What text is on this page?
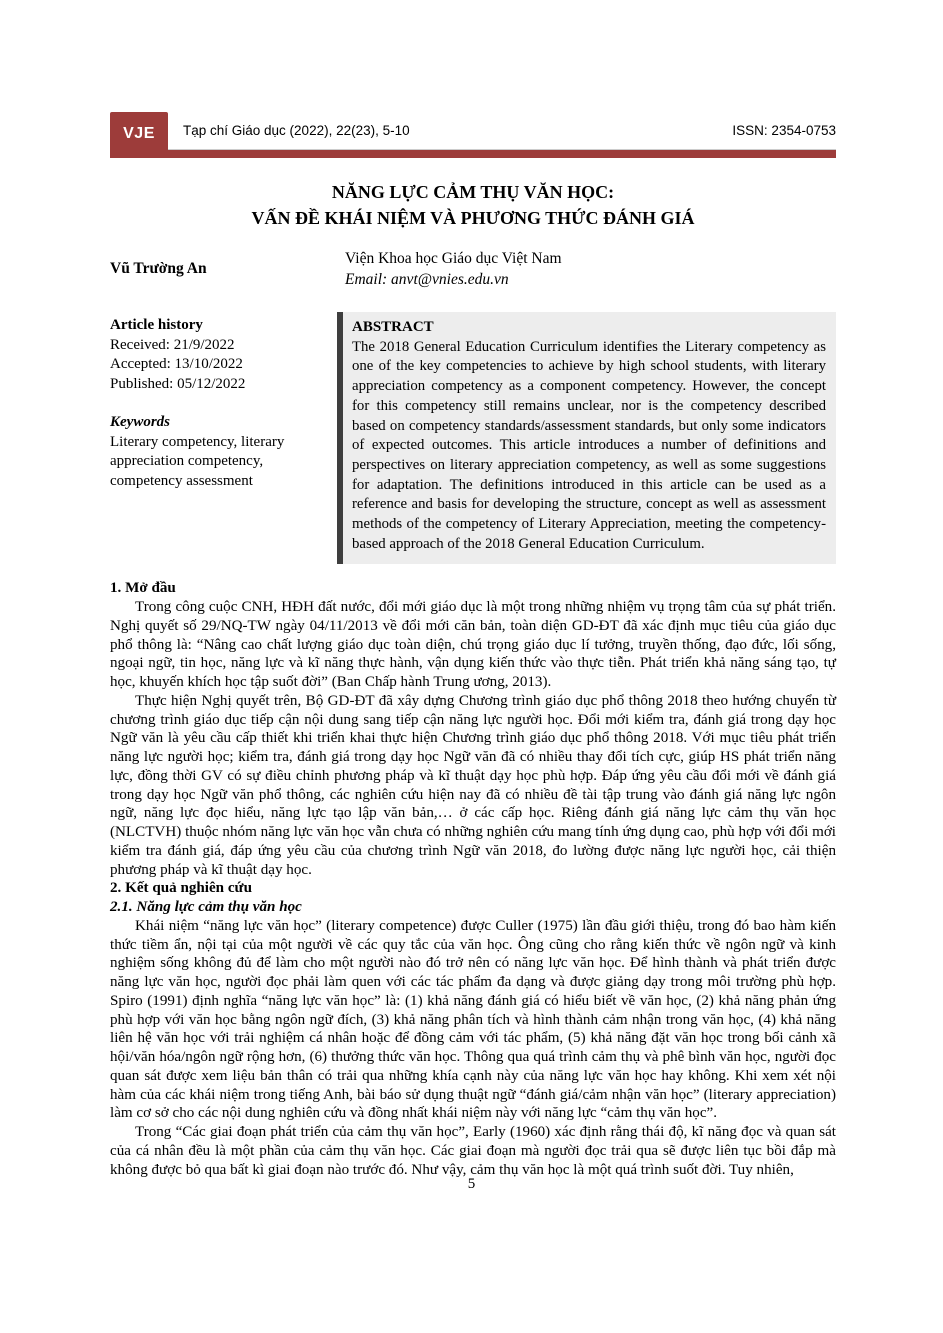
VJE	Tạp chí Giáo dục (2022), 22(23), 5-10	ISSN: 2354-0753
NĂNG LỰC CẢM THỤ VĂN HỌC:
VẤN ĐỀ KHÁI NIỆM VÀ PHƯƠNG THỨC ĐÁNH GIÁ
Vũ Trường An
Viện Khoa học Giáo dục Việt Nam
Email: anvt@vnies.edu.vn
Article history
Received: 21/9/2022
Accepted: 13/10/2022
Published: 05/12/2022
Keywords
Literary competency, literary appreciation competency, competency assessment
ABSTRACT
The 2018 General Education Curriculum identifies the Literary competency as one of the key competencies to achieve by high school students, with literary appreciation competency as a component competency. However, the concept for this competency still remains unclear, nor is the competency described based on competency standards/assessment standards, but only some indicators of expected outcomes. This article introduces a number of definitions and perspectives on literary appreciation competency, as well as some suggestions for adaptation. The definitions introduced in this article can be used as a reference and basis for developing the structure, concept as well as assessment methods of the competency of Literary Appreciation, meeting the competency-based approach of the 2018 General Education Curriculum.
1. Mở đầu

Trong công cuộc CNH, HĐH đất nước, đổi mới giáo dục là một trong những nhiệm vụ trọng tâm của sự phát triển. Nghị quyết số 29/NQ-TW ngày 04/11/2013 về đổi mới căn bản, toàn diện GD-ĐT đã xác định mục tiêu của giáo dục phổ thông là: “Nâng cao chất lượng giáo dục toàn diện, chú trọng giáo dục lí tưởng, truyền thống, đạo đức, lối sống, ngoại ngữ, tin học, năng lực và kĩ năng thực hành, vận dụng kiến thức vào thực tiễn. Phát triển khả năng sáng tạo, tự học, khuyến khích học tập suốt đời” (Ban Chấp hành Trung ương, 2013).

Thực hiện Nghị quyết trên, Bộ GD-ĐT đã xây dựng Chương trình giáo dục phổ thông 2018 theo hướng chuyển từ chương trình giáo dục tiếp cận nội dung sang tiếp cận năng lực người học. Đổi mới kiểm tra, đánh giá trong dạy học Ngữ văn là yêu cầu cấp thiết khi triển khai thực hiện Chương trình giáo dục phổ thông 2018. Với mục tiêu phát triển năng lực người học; kiểm tra, đánh giá trong dạy học Ngữ văn đã có nhiều thay đổi tích cực, giúp HS phát triển năng lực, đồng thời GV có sự điều chỉnh phương pháp và kĩ thuật dạy học phù hợp. Đáp ứng yêu cầu đổi mới về đánh giá trong dạy học Ngữ văn phổ thông, các nghiên cứu hiện nay đã có nhiều đề tài tập trung vào đánh giá năng lực ngôn ngữ, năng lực đọc hiểu, năng lực tạo lập văn bản,… ở các cấp học. Riêng đánh giá năng lực cảm thụ văn học (NLCTVH) thuộc nhóm năng lực văn học vẫn chưa có những nghiên cứu mang tính ứng dụng cao, phù hợp với đổi mới kiểm tra đánh giá, đáp ứng yêu cầu của chương trình Ngữ văn 2018, đo lường được năng lực người học, cải thiện phương pháp và kĩ thuật dạy học.

2. Kết quả nghiên cứu
2.1. Năng lực cảm thụ văn học

Khái niệm “năng lực văn học” (literary competence) được Culler (1975) lần đầu giới thiệu, trong đó bao hàm kiến thức tiềm ẩn, nội tại của một người về các quy tắc của văn học. Ông cũng cho rằng kiến thức về ngôn ngữ và kinh nghiệm sống không đủ để làm cho một người nào đó trở nên có năng lực văn học. Để hình thành và phát triển được năng lực văn học, người đọc phải làm quen với các tác phẩm đa dạng và được giảng dạy trong môi trường phù hợp. Spiro (1991) định nghĩa “năng lực văn học” là: (1) khả năng đánh giá có hiểu biết về văn học, (2) khả năng phản ứng phù hợp với văn học bằng ngôn ngữ đích, (3) khả năng phân tích và hình thành cảm nhận trong văn học, (4) khả năng liên hệ văn học với trải nghiệm cá nhân hoặc để đồng cảm với tác phẩm, (5) khả năng đặt văn học trong bối cảnh xã hội/văn hóa/ngôn ngữ rộng hơn, (6) thưởng thức văn học. Thông qua quá trình cảm thụ và phê bình văn học, người đọc quan sát được xem liệu bản thân có trải qua những khía cạnh này của năng lực văn học hay không. Khi xem xét nội hàm của các khái niệm trong tiếng Anh, bài báo sử dụng thuật ngữ “đánh giá/cảm nhận văn học” (literary appreciation) làm cơ sở cho các nội dung nghiên cứu và đồng nhất khái niệm này với năng lực “cảm thụ văn học”.

Trong “Các giai đoạn phát triển của cảm thụ văn học”, Early (1960) xác định rằng thái độ, kĩ năng đọc và quan sát của cá nhân đều là một phần của cảm thụ văn học. Các giai đoạn mà người đọc trải qua sẽ được liên tục bồi đắp mà không được bỏ qua bất kì giai đoạn nào trước đó. Như vậy, cảm thụ văn học là một quá trình suốt đời. Tuy nhiên,

5
